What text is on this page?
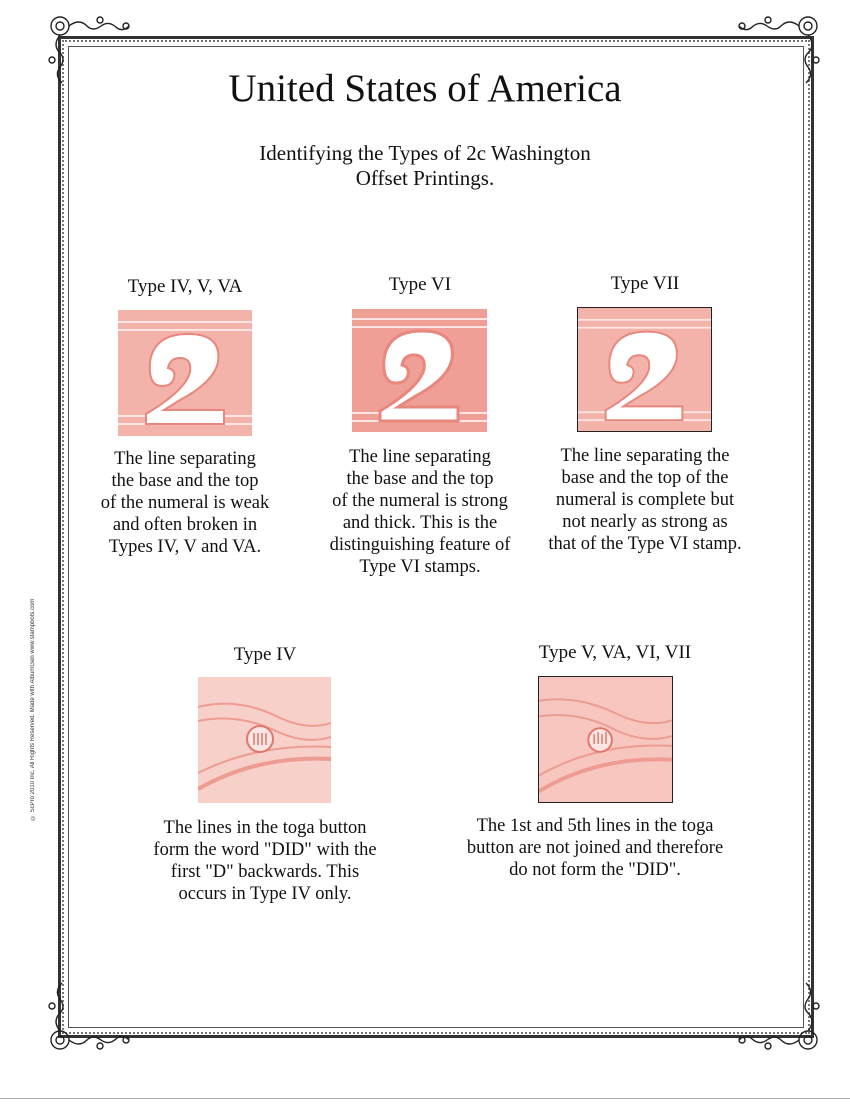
United States of America
Identifying the Types of 2c Washington
Offset Printings.
Type IV, V, VA	Type VI	Type VII
The line separating
the base and the top
of the numeral is weak
and often broken in
Types IV, V and VA.
The line separating
the base and the top
of the numeral is strong
and thick. This is the
distinguishing feature of
Type VI stamps.
The line separating the
base and the top of the
numeral is complete but
not nearly as strong as
that of the Type VI stamp.
Type IV	Type V, VA, VI, VII
The lines in the toga button
form the word "DID" with the
first "D" backwards. This
occurs in Type IV only.
The 1st and 5th lines in the toga
button are not joined and therefore
do not form the "DID".
© ScPro 2010 Inc. All Rights Reserved. Made with AlbumGen www.stampbots.com
